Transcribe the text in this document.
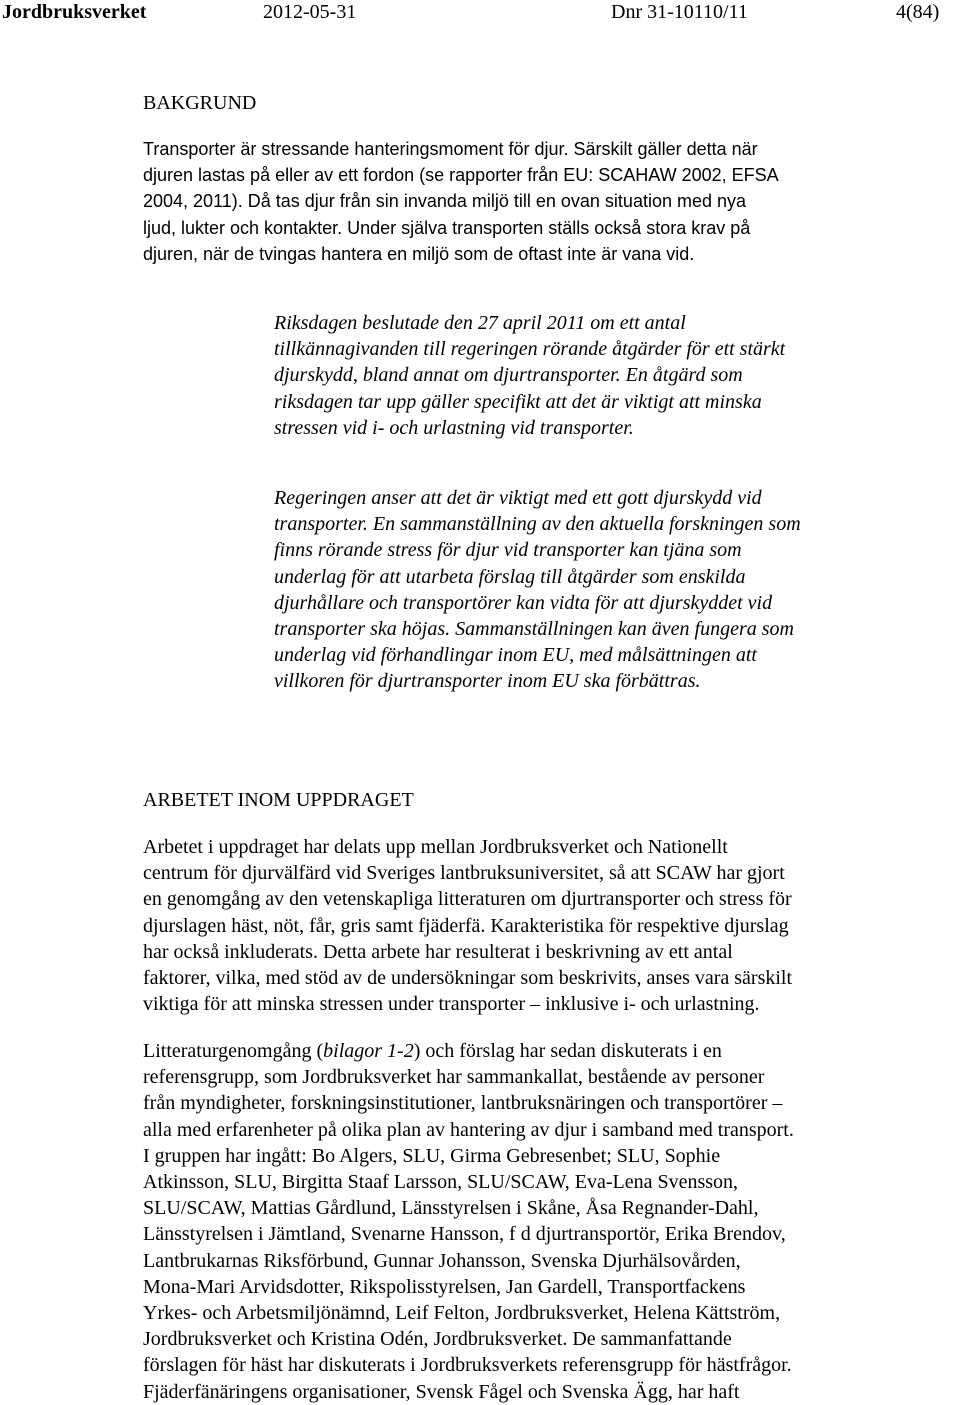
Jordbruksverket	2012-05-31	Dnr 31-10110/11	4(84)
BAKGRUND
Transporter är stressande hanteringsmoment för djur. Särskilt gäller detta när
djuren lastas på eller av ett fordon (se rapporter från EU: SCAHAW 2002, EFSA
2004, 2011). Då tas djur från sin invanda miljö till en ovan situation med nya
ljud, lukter och kontakter. Under själva transporten ställs också stora krav på
djuren, när de tvingas hantera en miljö som de oftast inte är vana vid.
Riksdagen beslutade den 27 april 2011 om ett antal
tillkännagivanden till regeringen rörande åtgärder för ett stärkt
djurskydd, bland annat om djurtransporter. En åtgärd som
riksdagen tar upp gäller specifikt att det är viktigt att minska
stressen vid i- och urlastning vid transporter.
Regeringen anser att det är viktigt med ett gott djurskydd vid
transporter. En sammanställning av den aktuella forskningen som
finns rörande stress för djur vid transporter kan tjäna som
underlag för att utarbeta förslag till åtgärder som enskilda
djurhållare och transportörer kan vidta för att djurskyddet vid
transporter ska höjas. Sammanställningen kan även fungera som
underlag vid förhandlingar inom EU, med målsättningen att
villkoren för djurtransporter inom EU ska förbättras.
ARBETET INOM UPPDRAGET
Arbetet i uppdraget har delats upp mellan Jordbruksverket och Nationellt
centrum för djurvälfärd vid Sveriges lantbruksuniversitet, så att SCAW har gjort
en genomgång av den vetenskapliga litteraturen om djurtransporter och stress för
djurslagen häst, nöt, får, gris samt fjäderfä. Karakteristika för respektive djurslag
har också inkluderats. Detta arbete har resulterat i beskrivning av ett antal
faktorer, vilka, med stöd av de undersökningar som beskrivits, anses vara särskilt
viktiga för att minska stressen under transporter – inklusive i- och urlastning.
Litteraturgenomgång (bilagor 1-2) och förslag har sedan diskuterats i en
referensgrupp, som Jordbruksverket har sammankallat, bestående av personer
från myndigheter, forskningsinstitutioner, lantbruksnäringen och transportörer –
alla med erfarenheter på olika plan av hantering av djur i samband med transport.
I gruppen har ingått: Bo Algers, SLU, Girma Gebresenbet; SLU, Sophie
Atkinsson, SLU, Birgitta Staaf Larsson, SLU/SCAW, Eva-Lena Svensson,
SLU/SCAW, Mattias Gårdlund, Länsstyrelsen i Skåne, Åsa Regnander-Dahl,
Länsstyrelsen i Jämtland, Svenarne Hansson, f d djurtransportör, Erika Brendov,
Lantbrukarnas Riksförbund, Gunnar Johansson, Svenska Djurhälsovården,
Mona-Mari Arvidsdotter, Rikspolisstyrelsen, Jan Gardell, Transportfackens
Yrkes- och Arbetsmiljönämnd, Leif Felton, Jordbruksverket, Helena Kättström,
Jordbruksverket och Kristina Odén, Jordbruksverket. De sammanfattande
förslagen för häst har diskuterats i Jordbruksverkets referensgrupp för hästfrågor.
Fjäderfänäringens organisationer, Svensk Fågel och Svenska Ägg, har haft
